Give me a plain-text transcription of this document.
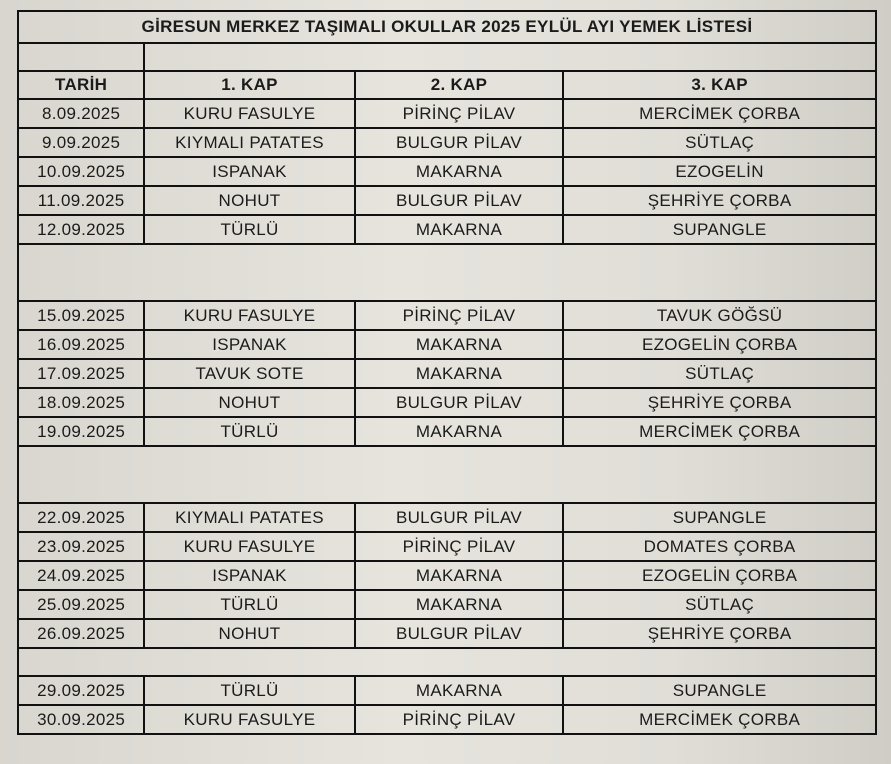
GİRESUN MERKEZ TAŞIMALI OKULLAR 2025 EYLÜL AYI YEMEK LİSTESİ			

TARİH	1. KAP	2. KAP	3. KAP
8.09.2025	KURU FASULYE	PİRİNÇ PİLAV	MERCİMEK ÇORBA
9.09.2025	KIYMALI PATATES	BULGUR PİLAV	SÜTLAÇ
10.09.2025	ISPANAK	MAKARNA	EZOGELİN
11.09.2025	NOHUT	BULGUR PİLAV	ŞEHRİYE ÇORBA
12.09.2025	TÜRLÜ	MAKARNA	SUPANGLE

15.09.2025	KURU FASULYE	PİRİNÇ PİLAV	TAVUK GÖĞSÜ
16.09.2025	ISPANAK	MAKARNA	EZOGELİN ÇORBA
17.09.2025	TAVUK SOTE	MAKARNA	SÜTLAÇ
18.09.2025	NOHUT	BULGUR PİLAV	ŞEHRİYE ÇORBA
19.09.2025	TÜRLÜ	MAKARNA	MERCİMEK ÇORBA

22.09.2025	KIYMALI PATATES	BULGUR PİLAV	SUPANGLE
23.09.2025	KURU FASULYE	PİRİNÇ PİLAV	DOMATES ÇORBA
24.09.2025	ISPANAK	MAKARNA	EZOGELİN ÇORBA
25.09.2025	TÜRLÜ	MAKARNA	SÜTLAÇ
26.09.2025	NOHUT	BULGUR PİLAV	ŞEHRİYE ÇORBA

29.09.2025	TÜRLÜ	MAKARNA	SUPANGLE
30.09.2025	KURU FASULYE	PİRİNÇ PİLAV	MERCİMEK ÇORBA
